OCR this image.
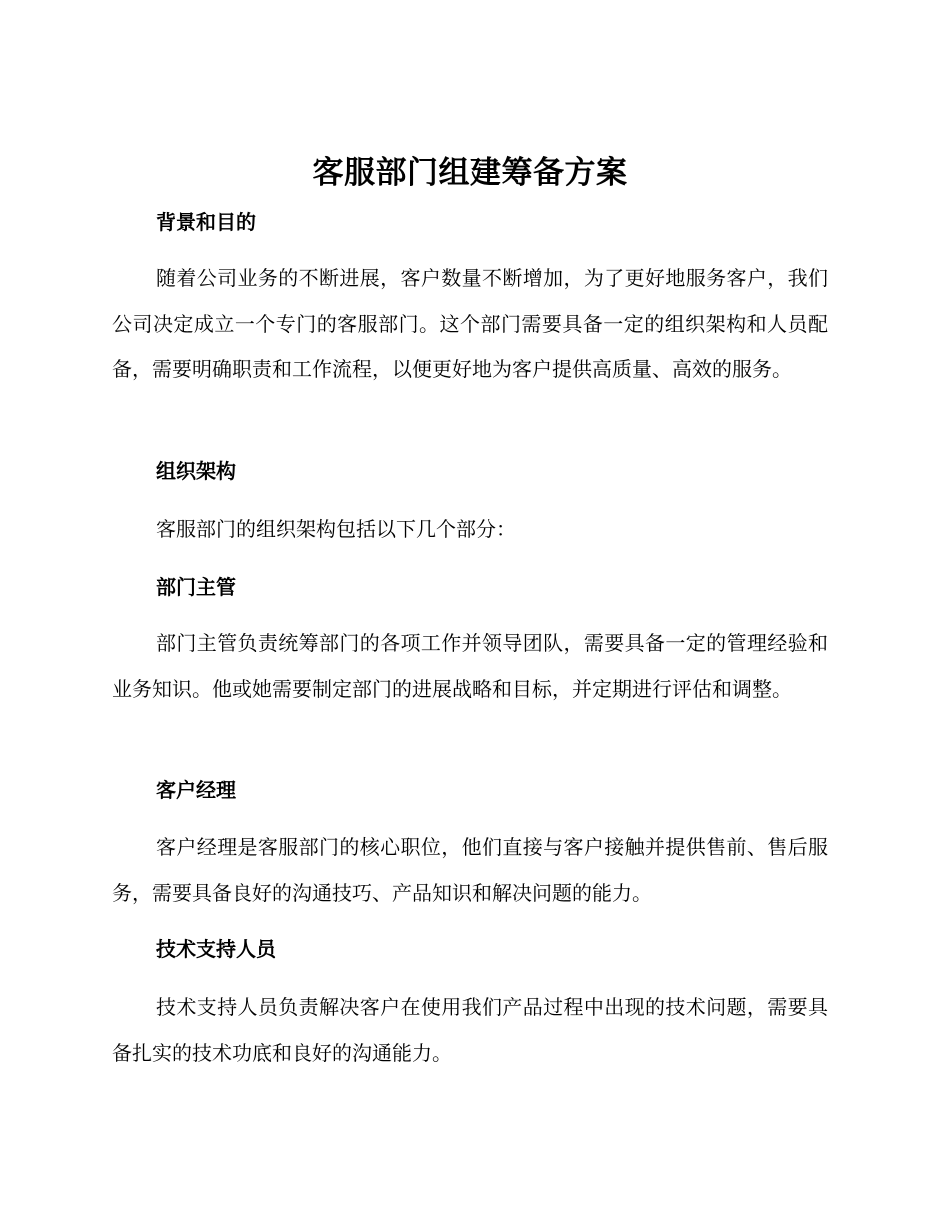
客服部门组建筹备方案
背景和目的

随着公司业务的不断进展，客户数量不断增加，为了更好地服务客户，我们公司决定成立一个专门的客服部门。这个部门需要具备一定的组织架构和人员配备，需要明确职责和工作流程，以便更好地为客户提供高质量、高效的服务。

组织架构

客服部门的组织架构包括以下几个部分：

部门主管

部门主管负责统筹部门的各项工作并领导团队，需要具备一定的管理经验和业务知识。他或她需要制定部门的进展战略和目标，并定期进行评估和调整。

客户经理

客户经理是客服部门的核心职位，他们直接与客户接触并提供售前、售后服务，需要具备良好的沟通技巧、产品知识和解决问题的能力。

技术支持人员

技术支持人员负责解决客户在使用我们产品过程中出现的技术问题，需要具备扎实的技术功底和良好的沟通能力。
